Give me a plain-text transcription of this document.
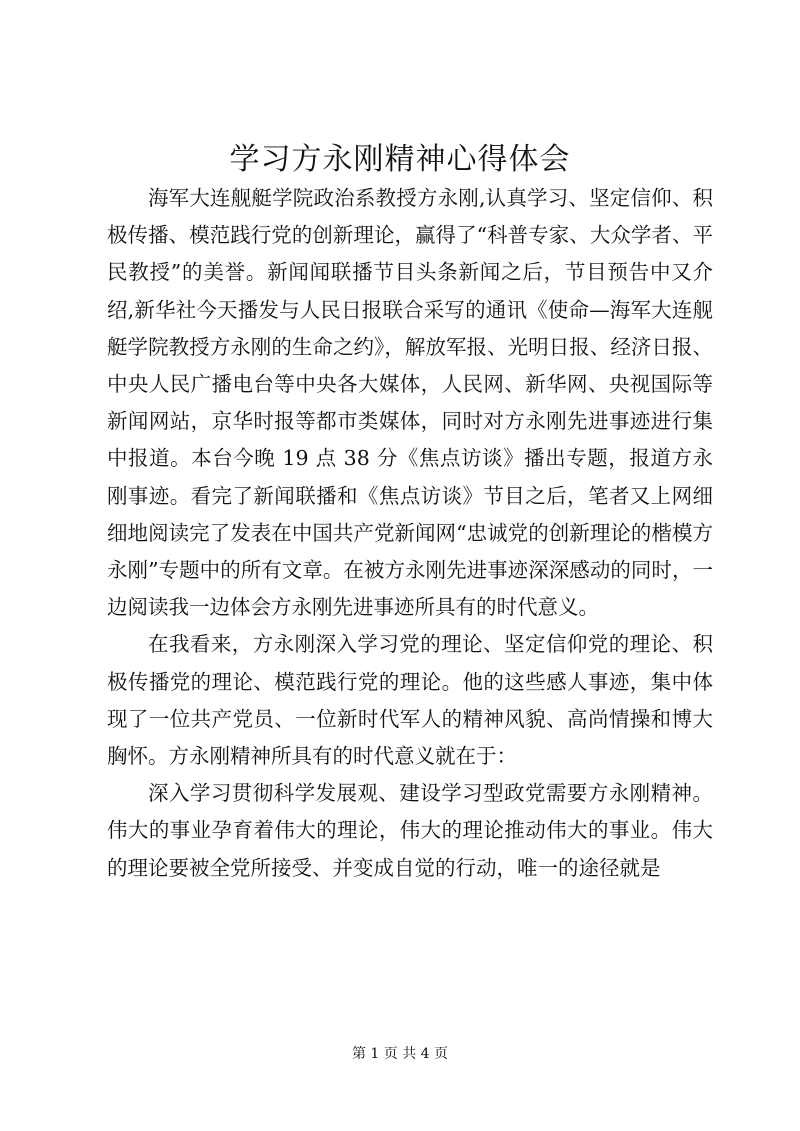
学习方永刚精神心得体会

海军大连舰艇学院政治系教授方永刚,认真学习、坚定信仰、积极传播、模范践行党的创新理论，赢得了“科普专家、大众学者、平民教授”的美誉。新闻闻联播节目头条新闻之后，节目预告中又介绍,新华社今天播发与人民日报联合采写的通讯《使命—海军大连舰艇学院教授方永刚的生命之约》，解放军报、光明日报、经济日报、中央人民广播电台等中央各大媒体，人民网、新华网、央视国际等新闻网站，京华时报等都市类媒体，同时对方永刚先进事迹进行集中报道。本台今晚 19 点 38 分《焦点访谈》播出专题，报道方永刚事迹。看完了新闻联播和《焦点访谈》节目之后，笔者又上网细细地阅读完了发表在中国共产党新闻网“忠诚党的创新理论的楷模方永刚”专题中的所有文章。在被方永刚先进事迹深深感动的同时，一边阅读我一边体会方永刚先进事迹所具有的时代意义。

在我看来，方永刚深入学习党的理论、坚定信仰党的理论、积极传播党的理论、模范践行党的理论。他的这些感人事迹，集中体现了一位共产党员、一位新时代军人的精神风貌、高尚情操和博大胸怀。方永刚精神所具有的时代意义就在于：

深入学习贯彻科学发展观、建设学习型政党需要方永刚精神。伟大的事业孕育着伟大的理论，伟大的理论推动伟大的事业。伟大的理论要被全党所接受、并变成自觉的行动，唯一的途径就是

第 1 页 共 4 页
